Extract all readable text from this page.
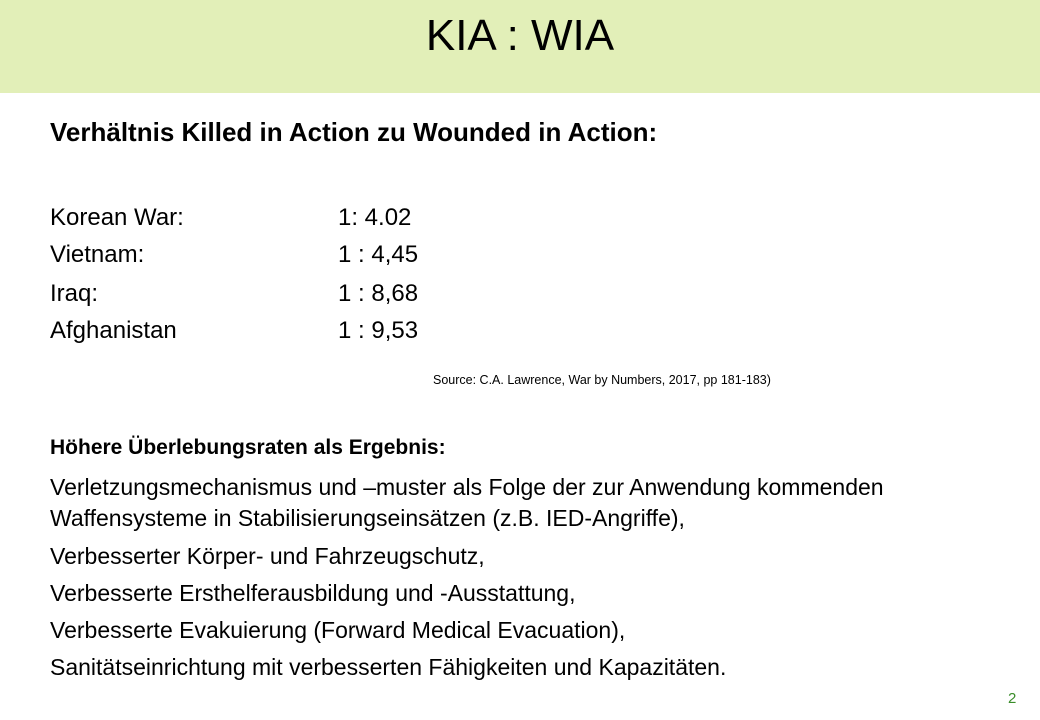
KIA : WIA
Verhältnis Killed in Action zu Wounded in Action:
Korean War:	1: 4.02
Vietnam:	1 : 4,45
Iraq:	1 : 8,68
Afghanistan	1 : 9,53
Source: C.A. Lawrence, War by Numbers, 2017, pp 181-183)
Höhere Überlebungsraten als Ergebnis:
Verletzungsmechanismus und –muster als Folge der zur Anwendung kommenden Waffensysteme in Stabilisierungseinsätzen (z.B. IED-Angriffe),
Verbesserter Körper- und Fahrzeugschutz,
Verbesserte Ersthelferausbildung und -Ausstattung,
Verbesserte Evakuierung (Forward Medical Evacuation),
Sanitätseinrichtung mit verbesserten Fähigkeiten und Kapazitäten.
2
